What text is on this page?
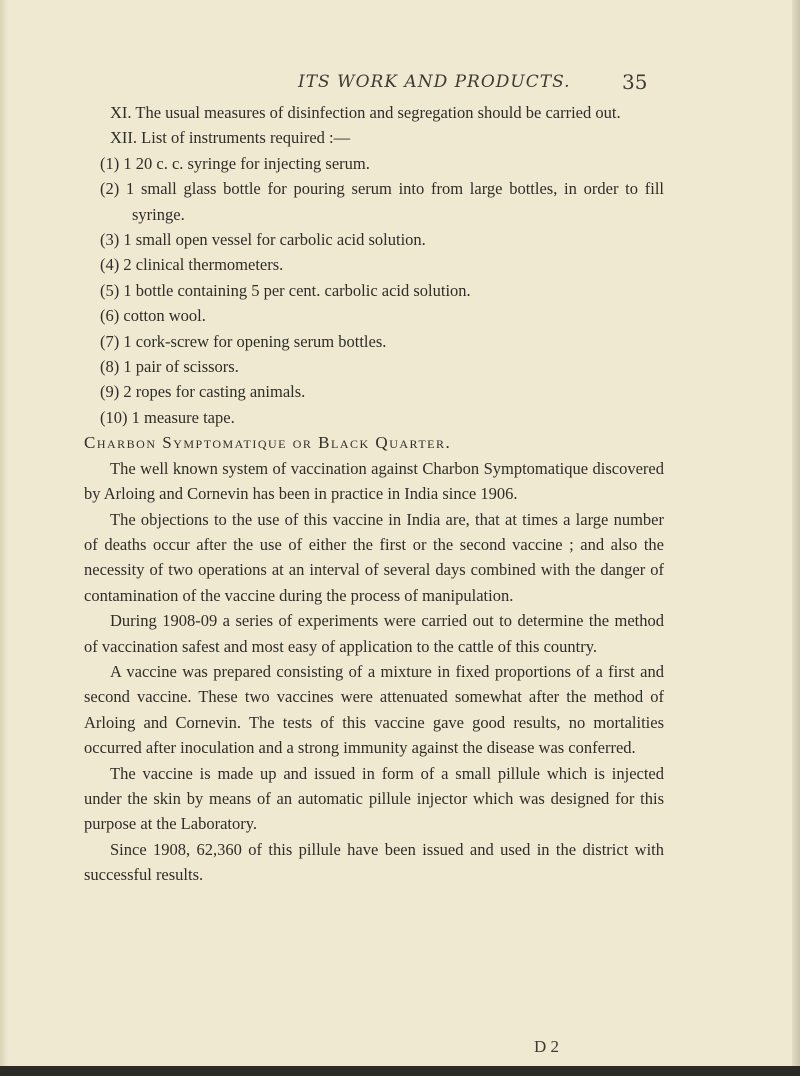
ITS WORK AND PRODUCTS.	35

XI. The usual measures of disinfection and segregation should be carried out.

XII. List of instruments required :—

(1) 1 20 c. c. syringe for injecting serum.

(2) 1 small glass bottle for pouring serum into from large bottles, in order to fill syringe.

(3) 1 small open vessel for carbolic acid solution.

(4) 2 clinical thermometers.

(5) 1 bottle containing 5 per cent. carbolic acid solution.

(6) cotton wool.

(7) 1 cork-screw for opening serum bottles.

(8) 1 pair of scissors.

(9) 2 ropes for casting animals.

(10) 1 measure tape.

Charbon Symptomatique or Black Quarter.

The well known system of vaccination against Charbon Symptomatique discovered by Arloing and Cornevin has been in practice in India since 1906.

The objections to the use of this vaccine in India are, that at times a large number of deaths occur after the use of either the first or the second vaccine ; and also the necessity of two operations at an interval of several days combined with the danger of contamination of the vaccine during the process of manipulation.

During 1908-09 a series of experiments were carried out to determine the method of vaccination safest and most easy of application to the cattle of this country.

A vaccine was prepared consisting of a mixture in fixed proportions of a first and second vaccine. These two vaccines were attenuated somewhat after the method of Arloing and Cornevin. The tests of this vaccine gave good results, no mortalities occurred after inoculation and a strong immunity against the disease was conferred.

The vaccine is made up and issued in form of a small pillule which is injected under the skin by means of an automatic pillule injector which was designed for this purpose at the Laboratory.

Since 1908, 62,360 of this pillule have been issued and used in the district with successful results.

D 2
